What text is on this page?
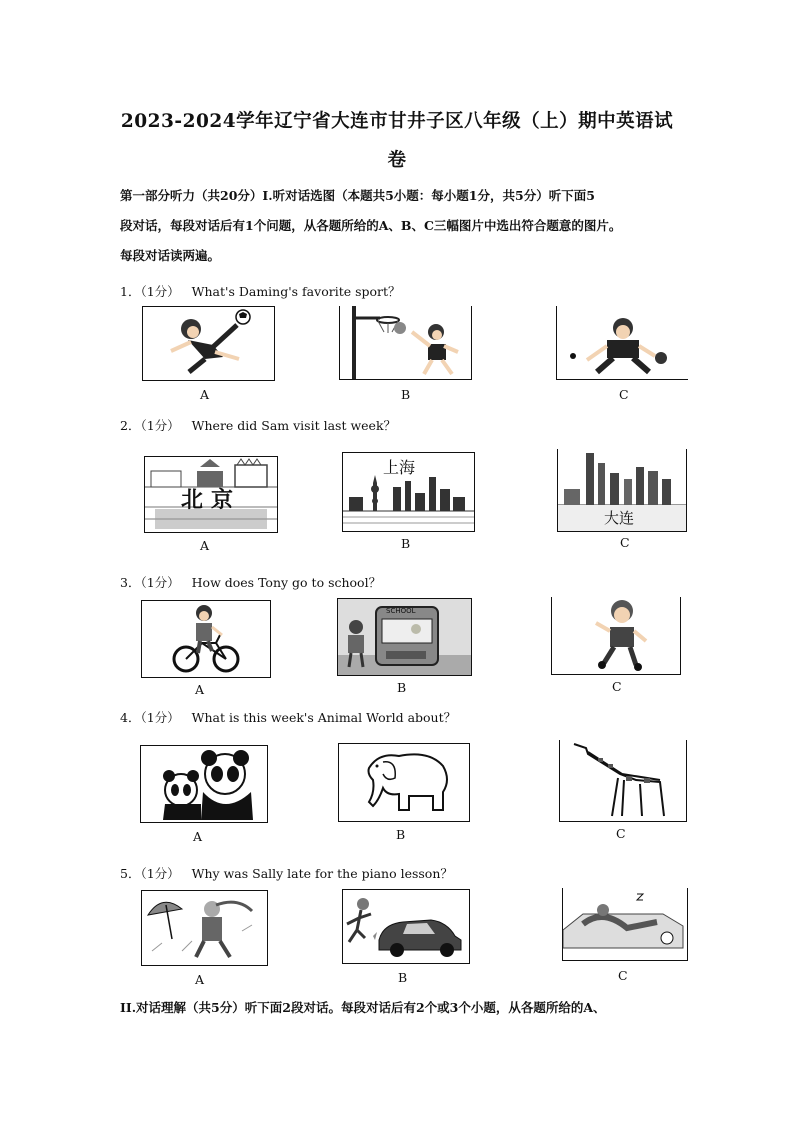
2023-2024学年辽宁省大连市甘井子区八年级（上）期中英语试
卷
第一部分听力（共20分）I.听对话选图（本题共5小题：每小题1分，共5分）听下面5
段对话，每段对话后有1个问题，从各题所给的A、B、C三幅图片中选出符合题意的图片。
每段对话读两遍。
1．（1分） What's Daming's favorite sport？
A	B	C
2．（1分） Where did Sam visit last week？
北京
上海
大连
A	B	C
3．（1分） How does Tony go to school？
SCHOOL
A	B	C
4．（1分） What is this week's Animal World about？
A	B	C
5．（1分） Why was Sally late for the piano lesson？
A	B	C
II.对话理解（共5分）听下面2段对话。每段对话后有2个或3个小题，从各题所给的A、
